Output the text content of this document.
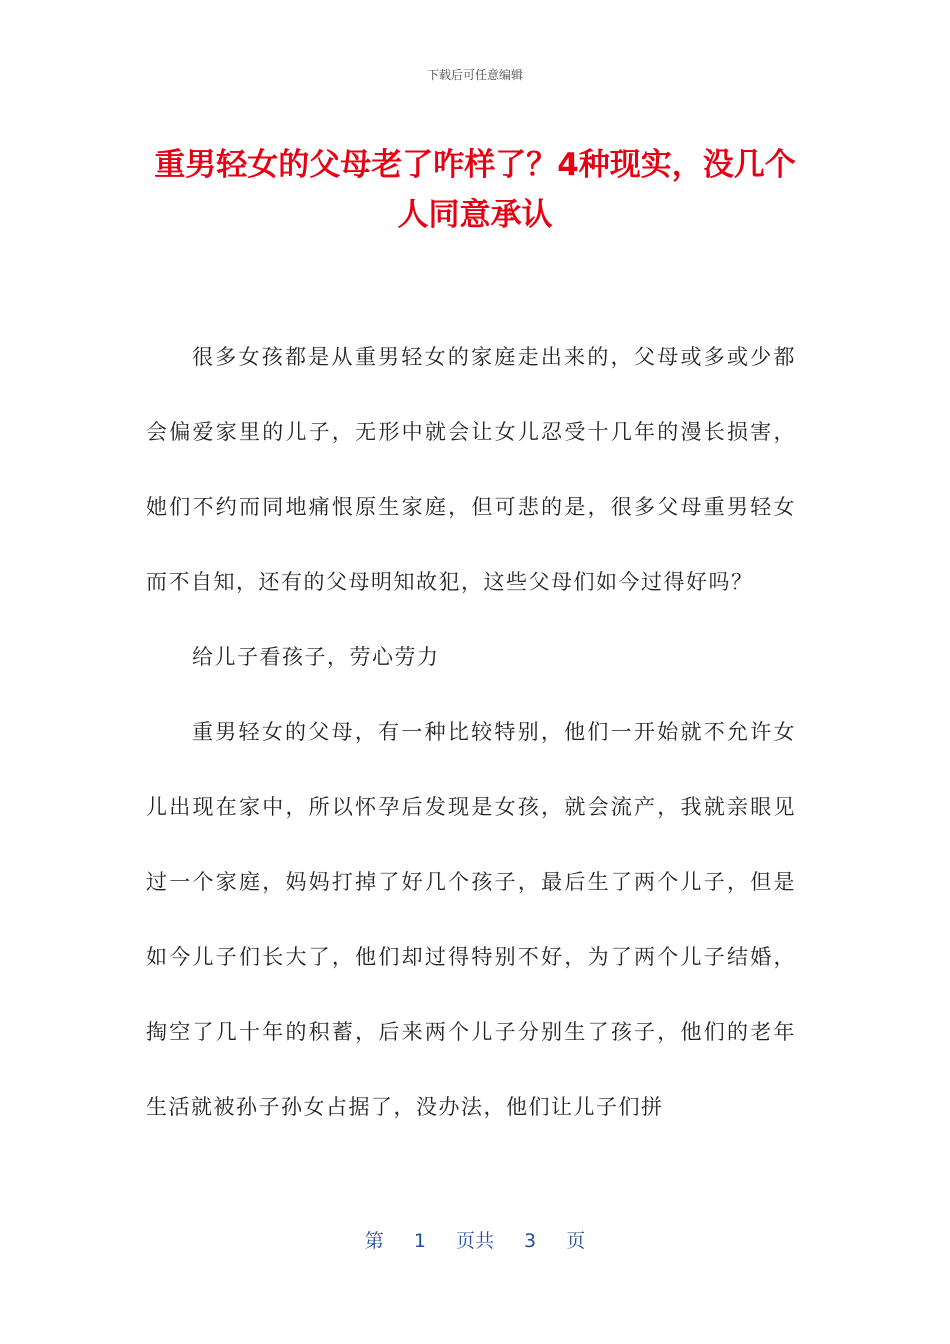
下载后可任意编辑
重男轻女的父母老了咋样了？4种现实，没几个人同意承认

很多女孩都是从重男轻女的家庭走出来的，父母或多或少都会偏爱家里的儿子，无形中就会让女儿忍受十几年的漫长损害，她们不约而同地痛恨原生家庭，但可悲的是，很多父母重男轻女而不自知，还有的父母明知故犯，这些父母们如今过得好吗？

给儿子看孩子，劳心劳力

重男轻女的父母，有一种比较特别，他们一开始就不允许女儿出现在家中，所以怀孕后发现是女孩，就会流产，我就亲眼见过一个家庭，妈妈打掉了好几个孩子，最后生了两个儿子，但是如今儿子们长大了，他们却过得特别不好，为了两个儿子结婚，掏空了几十年的积蓄，后来两个儿子分别生了孩子，他们的老年生活就被孙子孙女占据了，没办法，他们让儿子们拼

第 1 页共 3 页
